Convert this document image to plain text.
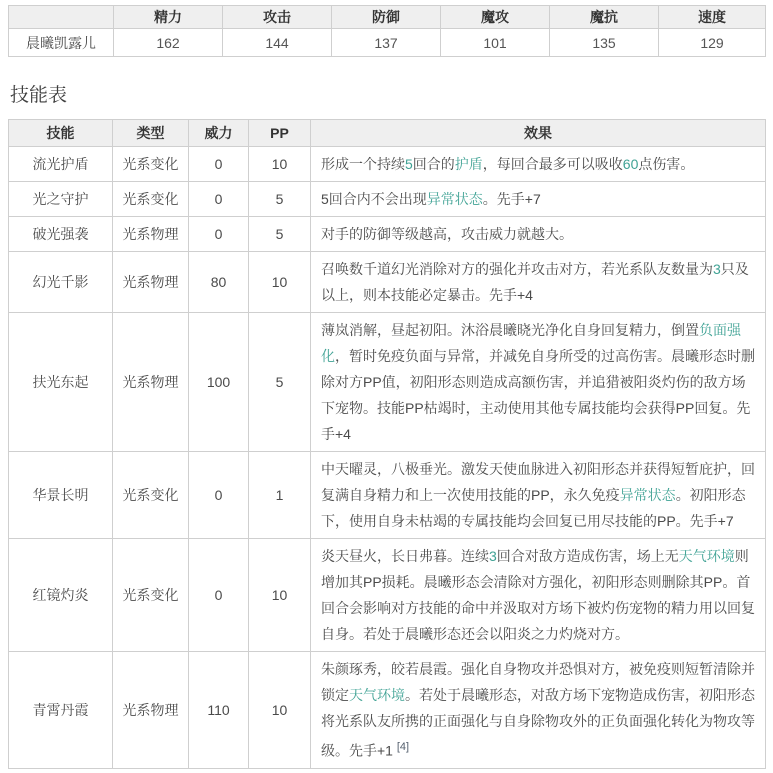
	精力	攻击	防御	魔攻	魔抗	速度
晨曦凯露儿	162	144	137	101	135	129
技能表
技能	类型	威力	PP	效果
流光护盾	光系变化	0	10	形成一个持续5回合的护盾，每回合最多可以吸收60点伤害。
光之守护	光系变化	0	5	5回合内不会出现异常状态。先手+7
破光强袭	光系物理	0	5	对手的防御等级越高，攻击威力就越大。
幻光千影	光系物理	80	10	召唤数千道幻光消除对方的强化并攻击对方，若光系队友数量为3只及以上，则本技能必定暴击。先手+4
扶光东起	光系物理	100	5	薄岚消解，昼起初阳。沐浴晨曦晓光净化自身回复精力，倒置负面强化，暂时免疫负面与异常，并减免自身所受的过高伤害。晨曦形态时删除对方PP值，初阳形态则造成高额伤害，并追猎被阳炎灼伤的敌方场下宠物。技能PP枯竭时，主动使用其他专属技能均会获得PP回复。先手+4
华景长明	光系变化	0	1	中天曜灵，八极垂光。激发天使血脉进入初阳形态并获得短暂庇护，回复满自身精力和上一次使用技能的PP，永久免疫异常状态。初阳形态下，使用自身未枯竭的专属技能均会回复已用尽技能的PP。先手+7
红镜灼炎	光系变化	0	10	炎天昼火，长日弗暮。连续3回合对敌方造成伤害，场上无天气环境则增加其PP损耗。晨曦形态会清除对方强化，初阳形态则删除其PP。首回合会影响对方技能的命中并汲取对方场下被灼伤宠物的精力用以回复自身。若处于晨曦形态还会以阳炎之力灼烧对方。
青霄丹霞	光系物理	110	10	朱颜琢秀，皎若晨霞。强化自身物攻并恐惧对方，被免疫则短暂清除并锁定天气环境。若处于晨曦形态，对敌方场下宠物造成伤害，初阳形态将光系队友所携的正面强化与自身除物攻外的正负面强化转化为物攻等级。先手+1 [4]
